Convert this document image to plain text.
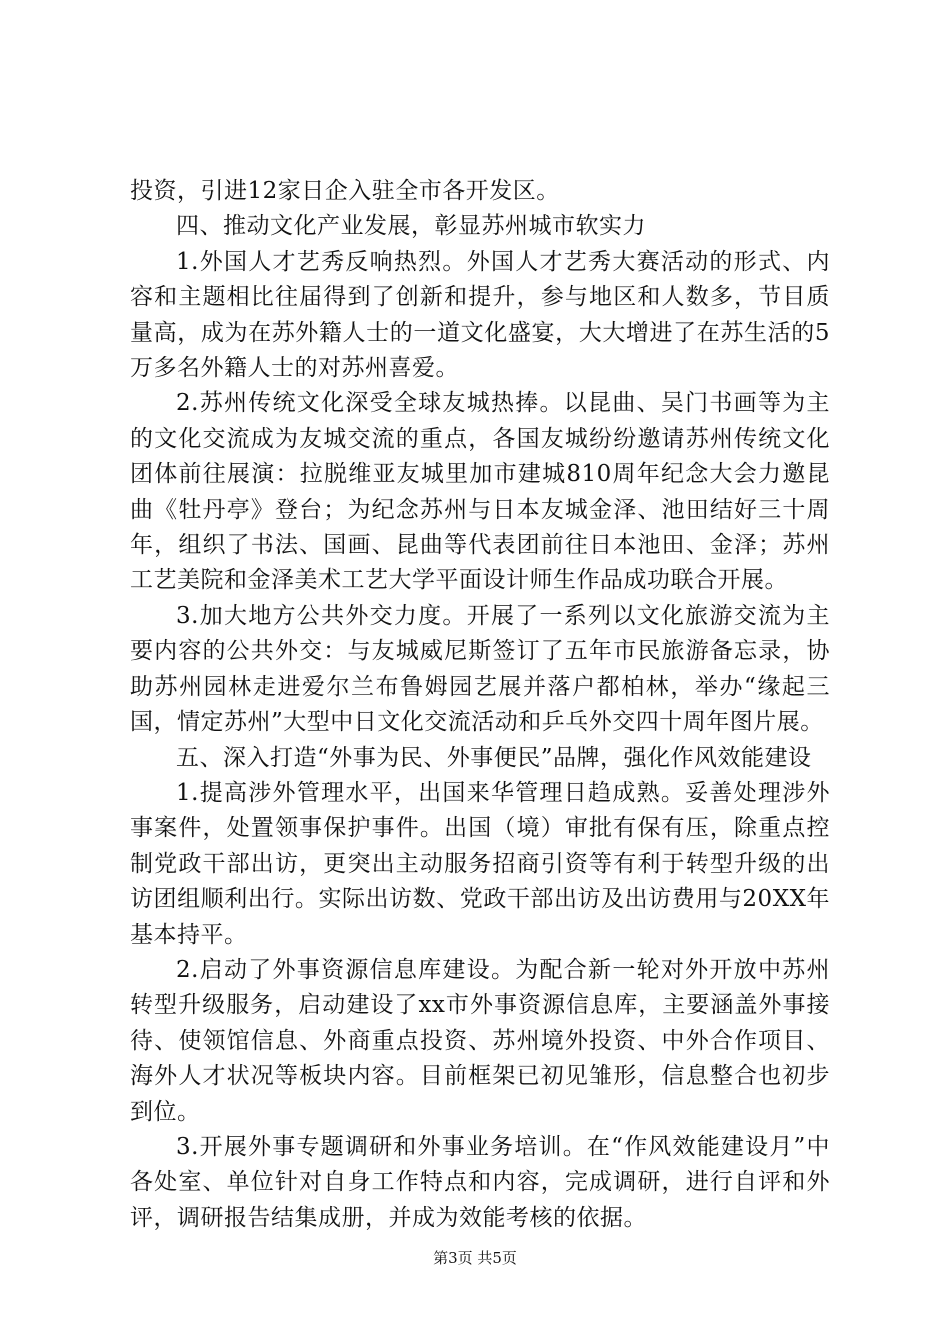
投资，引进12家日企入驻全市各开发区。

四、推动文化产业发展，彰显苏州城市软实力

1.外国人才艺秀反响热烈。外国人才艺秀大赛活动的形式、内容和主题相比往届得到了创新和提升，参与地区和人数多，节目质量高，成为在苏外籍人士的一道文化盛宴，大大增进了在苏生活的5万多名外籍人士的对苏州喜爱。

2.苏州传统文化深受全球友城热捧。以昆曲、吴门书画等为主的文化交流成为友城交流的重点，各国友城纷纷邀请苏州传统文化团体前往展演：拉脱维亚友城里加市建城810周年纪念大会力邀昆曲《牡丹亭》登台；为纪念苏州与日本友城金泽、池田结好三十周年，组织了书法、国画、昆曲等代表团前往日本池田、金泽；苏州工艺美院和金泽美术工艺大学平面设计师生作品成功联合开展。

3.加大地方公共外交力度。开展了一系列以文化旅游交流为主要内容的公共外交：与友城威尼斯签订了五年市民旅游备忘录，协助苏州园林走进爱尔兰布鲁姆园艺展并落户都柏林，举办“缘起三国，情定苏州”大型中日文化交流活动和乒乓外交四十周年图片展。

五、深入打造“外事为民、外事便民”品牌，强化作风效能建设

1.提高涉外管理水平，出国来华管理日趋成熟。妥善处理涉外事案件，处置领事保护事件。出国（境）审批有保有压，除重点控制党政干部出访，更突出主动服务招商引资等有利于转型升级的出访团组顺利出行。实际出访数、党政干部出访及出访费用与20XX年基本持平。

2.启动了外事资源信息库建设。为配合新一轮对外开放中苏州转型升级服务，启动建设了xx市外事资源信息库，主要涵盖外事接待、使领馆信息、外商重点投资、苏州境外投资、中外合作项目、海外人才状况等板块内容。目前框架已初见雏形，信息整合也初步到位。

3.开展外事专题调研和外事业务培训。在“作风效能建设月”中各处室、单位针对自身工作特点和内容，完成调研，进行自评和外评，调研报告结集成册，并成为效能考核的依据。

第3页 共5页
